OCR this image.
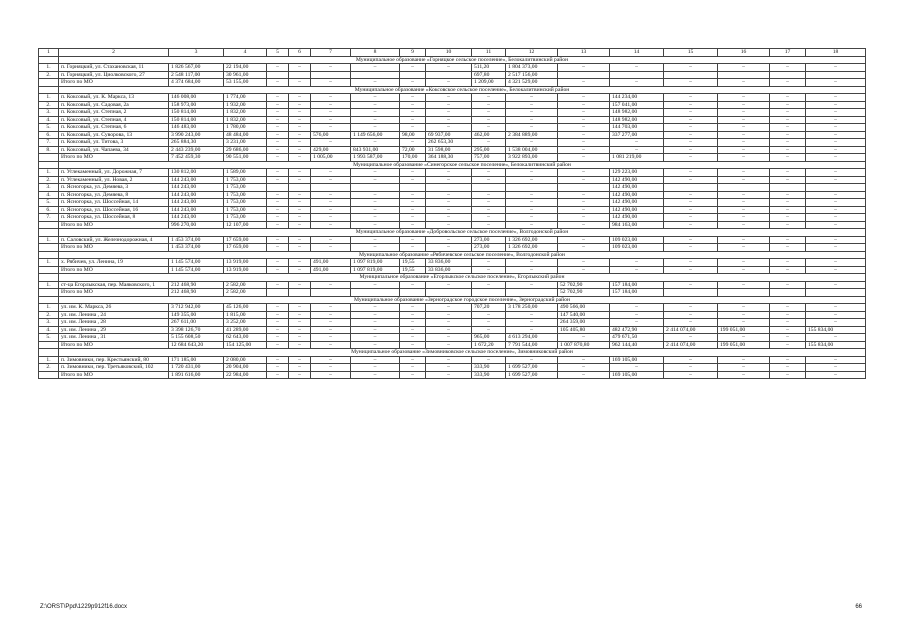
1	2	3	4	5	6	7	8	9	10	11	12	13	14	15	16	17	18
	Муниципальное образование «Горняцкое сельское поселение», Белокалитвинский район																
1.	п. Горняцкий, ул. Стахановская, 11	1 826 567,00	22 194,00	–	–	–	–	–	–	511,20	1 804 373,00	–	–	–	–	–	–
2.	п. Горняцкий, ул. Циолковского, 27	2 548 117,00	30 961,00							697,80	2 517 156,00						
	Итого по МО	4 374 684,00	53 155,00	–	–	–	–	–	–	1 209,00	4 321 529,00	–	–	–	–	–	–
	Муниципальное образование «Коксовское сельское поселение», Белокалитвинский район																
1.	п. Коксовый, ул. К. Маркса, 13	146 008,00	1 774,00	–	–	–	–	–	–	–	–	–	144 234,00	–	–	–	–
2.	п. Коксовый, ул. Садовая, 2а	158 973,00	1 932,00	–	–	–	–	–	–	–	–	–	157 041,00	–	–	–	–
3.	п. Коксовый, ул. Степная, 2	150 814,00	1 832,00	–	–	–	–	–	–	–	–	–	148 982,00	–	–	–	–
4.	п. Коксовый, ул. Степная, 4	150 814,00	1 832,00	–	–	–	–	–	–	–	–	–	148 982,00	–	–	–	–
5.	п. Коксовый, ул. Степная, 6	146 483,00	1 780,00	–	–	–	–	–	–	–	–	–	144 703,00	–	–	–	–
6.	п. Коксовый, ул. Суворова, 13	3 990 243,00	48 484,00	–	–	576,00	1 149 656,00	98,00	69 937,00	462,00	2 384 889,00	–	337 277,00	–	–	–	–
7.	п. Коксовый, ул. Титова, 3	265 884,30	3 231,00	–	–	–	–	–	262 653,30	–	–	–	–	–	–	–	–
8.	п. Коксовый, ул. Чапаева, 34	2 443 239,00	29 686,00	–	–	429,00	843 931,00	72,00	31 598,00	295,00	1 538 004,00	–	–	–	–	–	–
	Итого по МО	7 452 459,30	90 551,00	–	–	1 005,00	1 993 587,00	170,00	364 188,30	757,00	3 922 893,00	–	1 081 219,00	–	–	–	–
	Муниципальное образование «Синегорское сельское поселение», Белокалитвинский район																
1.	п. Углекаменный, ул. Дорожная, 7	130 812,00	1 589,00	–	–	–	–	–	–	–	–	–	129 223,00	–	–	–	–
2.	п. Углекаменный, ул. Новая, 2	144 243,00	1 753,00	–	–	–	–	–	–	–	–	–	142 490,00	–	–	–	–
3.	п. Ясногорка, ул. Демяева, 3	144 243,00	1 753,00										142 490,00				
4.	п. Ясногорка, ул. Демяева, 8	144 243,00	1 753,00	–	–	–	–	–	–	–	–	–	142 490,00	–	–	–	–
5.	п. Ясногорка, ул. Шоссейная, 14	144 243,00	1 753,00	–	–	–	–	–	–	–	–	–	142 490,00	–	–	–	–
6.	п. Ясногорка, ул. Шоссейная, 16	144 243,00	1 753,00	–	–	–	–	–	–	–	–	–	142 490,00	–	–	–	–
7.	п. Ясногорка, ул. Шоссейная, 8	144 243,00	1 753,00	–	–	–	–	–	–	–	–	–	142 490,00	–	–	–	–
	Итого по МО	996 270,00	12 107,00	–	–	–	–	–	–	–	–	–	984 163,00	–	–	–	–
	Муниципальное образование «Добровольское сельское поселение», Волгодонской район																
1.	п. Саловский, ул. Железнодорожная, 4	1 453 374,00	17 659,00	–	–	–	–	–	–	273,00	1 326 692,00	–	109 023,00	–	–	–	–
	Итого по МО	1 453 374,00	17 659,00	–	–	–	–	–	–	273,00	1 326 692,00	–	109 023,00	–	–	–	–
	Муниципальное образование «Рябичевское сельское поселение», Волгодонской район																
1.	х. Рябичев, ул. Ленина, 19	1 145 574,00	13 919,00	–	–	491,00	1 097 819,00	19,55	33 836,00	–	–	–	–	–	–	–	–
	Итого по МО	1 145 574,00	13 919,00	–	–	491,00	1 097 819,00	19,55	33 836,00	–	–	–	–	–	–	–	–
	Муниципальное образование «Егорлыкское сельское поселение», Егорлыкский район																
1.	ст-ца Егорлыкская, пер. Маяковского, 1	212 468,90	2 582,00	–	–	–	–	–	–	–	–	52 702,90	157 184,00	–	–	–	–
	Итого по МО	212 468,90	2 582,00									52 702,90	157 184,00				
	Муниципальное образование «Зерноградское городское поселение», Зерноградский район																
1.	ул. им. К. Маркса, 26	3 712 942,00	45 126,00	–	–	–	–	–	–	707,20	3 178 250,00	490 566,00	–	–	–	–	–
2.	ул. им. Ленина , 24	149 355,00	1 815,00	–	–	–	–	–	–	–	–	147 540,00	–	–	–	–	–
3.	ул. им. Ленина , 28	267 611,00	3 252,00	–	–	–	–	–	–	–	–	264 359,00	–	–	–	–	–
4.	ул. им. Ленина , 29	3 398 126,70	41 289,00	–	–	–	–	–	–	–	–	105 405,80	482 472,90	2 414 074,00	199 051,00	–	155 834,00
5.	ул. им. Ленина , 31	5 155 608,50	62 643,00	–	–	–	–	–	–	965,00	4 613 294,00	–	479 671,50	–	–	–	–
	Итого по МО	12 684 643,20	154 125,00	–	–	–	–	–	–	1 672,20	7 791 544,00	1 007 870,80	962 144,40	2 414 074,00	199 051,00	–	155 834,00
	Муниципальное образование «Зимовниковское сельское поселение», Зимовниковский район																
1.	п. Зимовники, пер. Крестьянский, 80	171 185,00	2 080,00	–	–	–	–	–	–	–	–	–	169 105,00	–	–	–	–
2.	п. Зимовники, пер. Третьяковский, 102	1 720 431,00	20 904,00	–	–	–	–	–	–	333,90	1 699 527,00	–	–	–	–	–	–
	Итого по МО	1 891 616,00	22 984,00	–	–	–	–	–	–	333,90	1 699 527,00	–	169 105,00	–	–	–	–
Z:\ORST\Ppd\1229p912f16.docx	66
